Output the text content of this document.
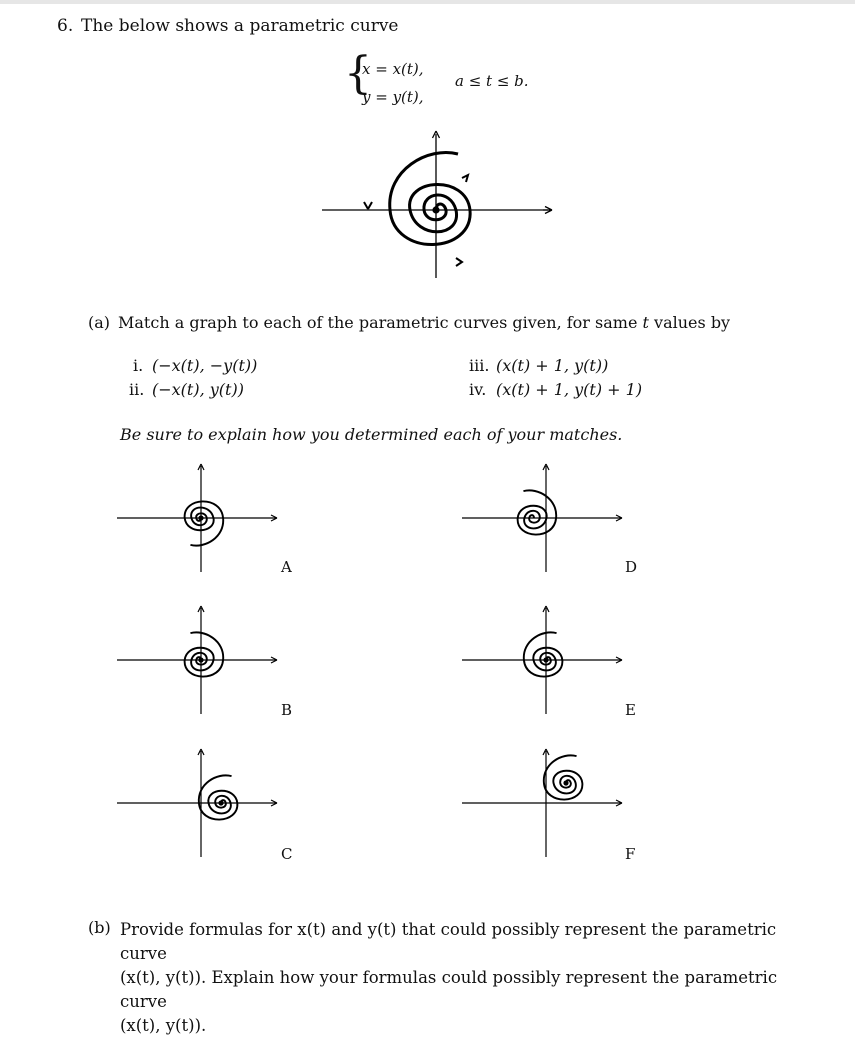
6. The below shows a parametric curve
{
x = x(t),
y = y(t),
a ≤ t ≤ b.
(a) Match a graph to each of the parametric curves given, for same t values by
i. (−x(t), −y(t))
ii. (−x(t), y(t))
iii. (x(t) + 1, y(t))
iv. (x(t) + 1, y(t) + 1)
Be sure to explain how you determined each of your matches.
A	D
B	E
C	F
(b) Provide formulas for x(t) and y(t) that could possibly represent the parametric curve
(x(t), y(t)). Explain how your formulas could possibly represent the parametric curve
(x(t), y(t)).
